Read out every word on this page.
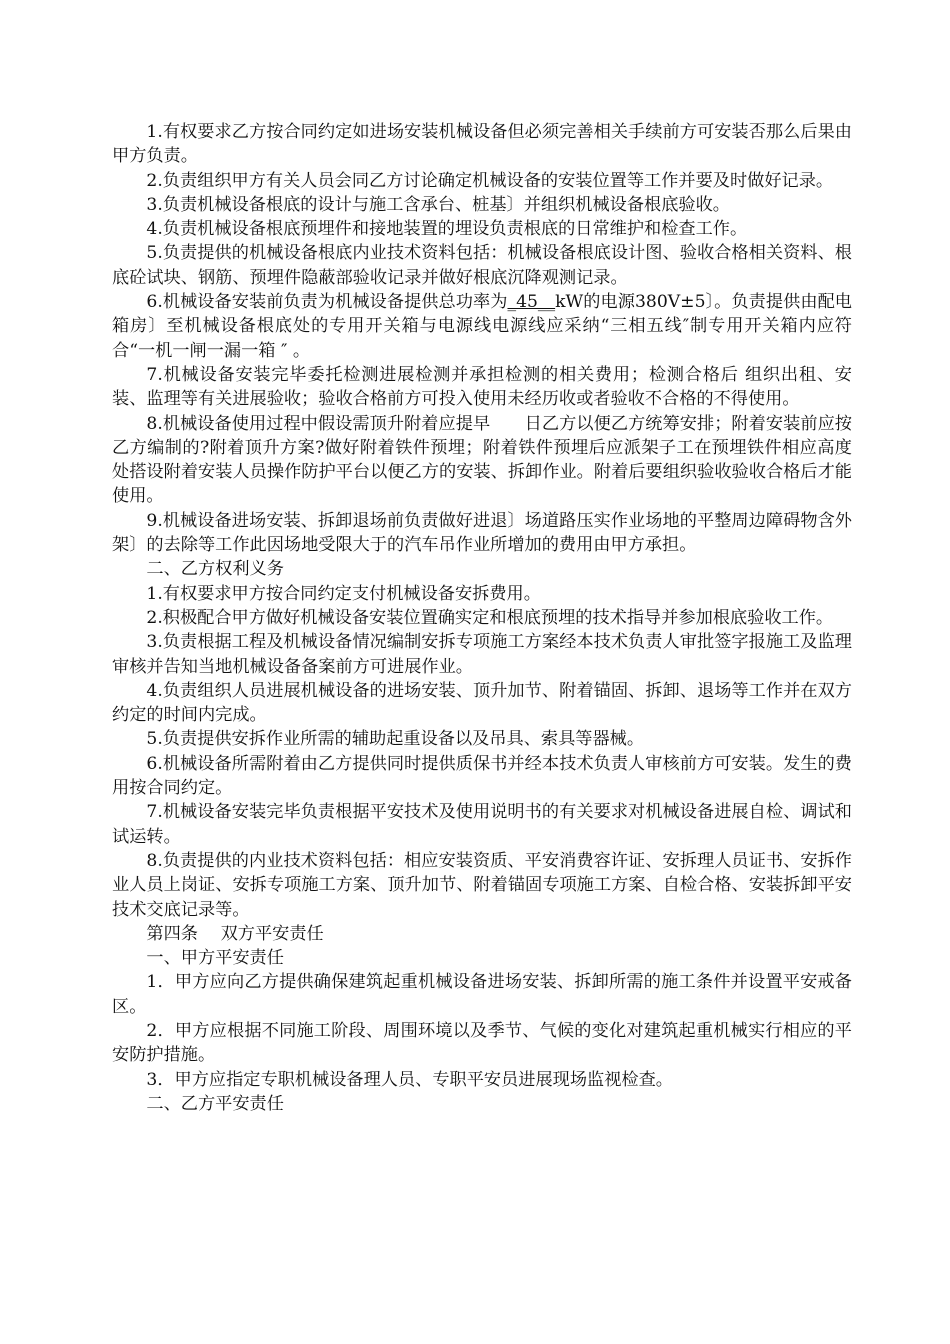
1.有权要求乙方按合同约定如进场安装机械设备但必须完善相关手续前方可安装否那么后果由甲方负责。

2.负责组织甲方有关人员会同乙方讨论确定机械设备的安装位置等工作并要及时做好记录。

3.负责机械设备根底的设计与施工含承台、桩基〕并组织机械设备根底验收。

4.负责机械设备根底预埋件和接地装置的埋设负责根底的日常维护和检查工作。

5.负责提供的机械设备根底内业技术资料包括：机械设备根底设计图、验收合格相关资料、根底砼试块、钢筋、预埋件隐蔽部验收记录并做好根底沉降观测记录。

6.机械设备安装前负责为机械设备提供总功率为_45__kW的电源380V±5〕。负责提供由配电箱房〕至机械设备根底处的专用开关箱与电源线电源线应采纳“三相五线″制专用开关箱内应符合“一机一闸一漏一箱 ″ 。

7.机械设备安装完毕委托检测进展检测并承担检测的相关费用；检测合格后 组织出租、安装、监理等有关进展验收；验收合格前方可投入使用未经历收或者验收不合格的不得使用。

8.机械设备使用过程中假设需顶升附着应提早　　日乙方以便乙方统筹安排；附着安装前应按乙方编制的?附着顶升方案?做好附着铁件预埋；附着铁件预埋后应派架子工在预埋铁件相应高度处搭设附着安装人员操作防护平台以便乙方的安装、拆卸作业。附着后要组织验收验收合格后才能使用。

9.机械设备进场安装、拆卸退场前负责做好进退〕场道路压实作业场地的平整周边障碍物含外架〕的去除等工作此因场地受限大于的汽车吊作业所增加的费用由甲方承担。

二、乙方权利义务

1.有权要求甲方按合同约定支付机械设备安拆费用。

2.积极配合甲方做好机械设备安装位置确实定和根底预埋的技术指导并参加根底验收工作。

3.负责根据工程及机械设备情况编制安拆专项施工方案经本技术负责人审批签字报施工及监理审核并告知当地机械设备备案前方可进展作业。

4.负责组织人员进展机械设备的进场安装、顶升加节、附着锚固、拆卸、退场等工作并在双方约定的时间内完成。

5.负责提供安拆作业所需的辅助起重设备以及吊具、索具等器械。

6.机械设备所需附着由乙方提供同时提供质保书并经本技术负责人审核前方可安装。发生的费用按合同约定。

7.机械设备安装完毕负责根据平安技术及使用说明书的有关要求对机械设备进展自检、调试和试运转。

8.负责提供的内业技术资料包括：相应安装资质、平安消费容许证、安拆理人员证书、安拆作业人员上岗证、安拆专项施工方案、顶升加节、附着锚固专项施工方案、自检合格、安装拆卸平安技术交底记录等。

第四条　 双方平安责任

一、甲方平安责任

1．甲方应向乙方提供确保建筑起重机械设备进场安装、拆卸所需的施工条件并设置平安戒备区。

2．甲方应根据不同施工阶段、周围环境以及季节、气候的变化对建筑起重机械实行相应的平安防护措施。

3．甲方应指定专职机械设备理人员、专职平安员进展现场监视检查。

二、乙方平安责任
